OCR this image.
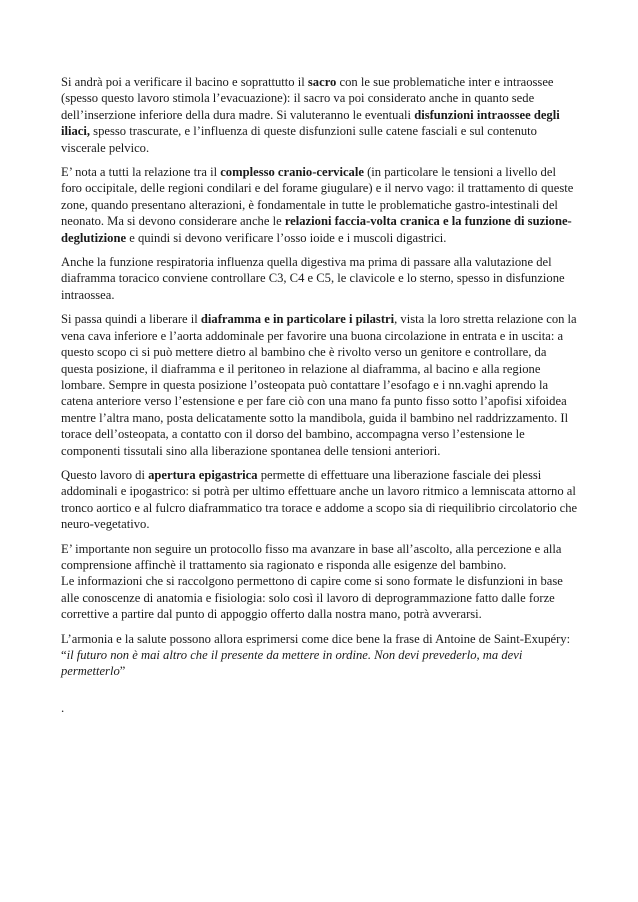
Si andrà poi a verificare il bacino e soprattutto il sacro con le sue problematiche inter e intraossee (spesso questo lavoro stimola l’evacuazione): il sacro va poi considerato anche in quanto sede dell’inserzione inferiore della dura madre. Si valuteranno le eventuali disfunzioni intraossee degli iliaci, spesso trascurate, e l’influenza di queste disfunzioni sulle catene fasciali e sul contenuto viscerale pelvico.

E’ nota a tutti la relazione tra il complesso cranio-cervicale (in particolare le tensioni a livello del foro occipitale, delle regioni condilari e del forame giugulare) e il nervo vago: il trattamento di queste zone, quando presentano alterazioni, è fondamentale in tutte le problematiche gastro-intestinali del neonato. Ma si devono considerare anche le relazioni faccia-volta cranica e la funzione di suzione-deglutizione e quindi si devono verificare l’osso ioide e i muscoli digastrici.

Anche la funzione respiratoria influenza quella digestiva ma prima di passare alla valutazione del diaframma toracico conviene controllare C3, C4 e C5, le clavicole e lo sterno, spesso in disfunzione intraossea.

Si passa quindi a liberare il diaframma e in particolare i pilastri, vista la loro stretta relazione con la vena cava inferiore e l’aorta addominale per favorire una buona circolazione in entrata e in uscita: a questo scopo ci si può mettere dietro al bambino che è rivolto verso un genitore e controllare, da questa posizione, il diaframma e il peritoneo in relazione al diaframma, al bacino e alla regione lombare. Sempre in questa posizione l’osteopata può contattare l’esofago e i nn.vaghi aprendo la catena anteriore verso l’estensione e per fare ciò con una mano fa punto fisso sotto l’apofisi xifoidea mentre l’altra mano, posta delicatamente sotto la mandibola, guida il bambino nel raddrizzamento. Il torace dell’osteopata, a contatto con il dorso del bambino, accompagna verso l’estensione le componenti tissutali sino alla liberazione spontanea delle tensioni anteriori.

Questo lavoro di apertura epigastrica permette di effettuare una liberazione fasciale dei plessi addominali e ipogastrico: si potrà per ultimo effettuare anche un lavoro ritmico a lemniscata attorno al tronco aortico e al fulcro diaframmatico tra torace e addome a scopo sia di riequilibrio circolatorio che neuro-vegetativo.

E’ importante non seguire un protocollo fisso ma avanzare in base all’ascolto, alla percezione e alla comprensione affinchè il trattamento sia ragionato e risponda alle esigenze del bambino.
Le informazioni che si raccolgono permettono di capire come si sono formate le disfunzioni in base alle conoscenze di anatomia e fisiologia: solo così il lavoro di deprogrammazione fatto dalle forze correttive a partire dal punto di appoggio offerto dalla nostra mano, potrà avverarsi.

L’armonia e la salute possono allora esprimersi come dice bene la frase di Antoine de Saint-Exupéry: “il futuro non è mai altro che il presente da mettere in ordine. Non devi prevederlo, ma devi permetterlo”

.
